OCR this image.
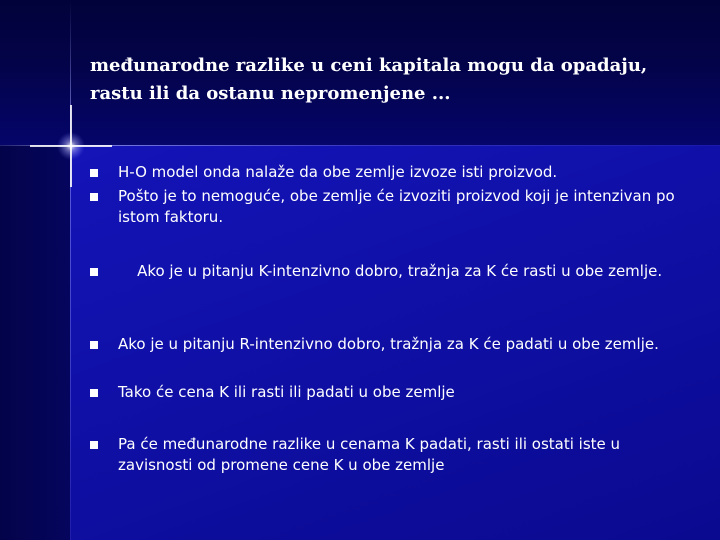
međunarodne razlike u ceni kapitala mogu da opadaju,
rastu ili da ostanu nepromenjene ...
H-O model onda nalaže da obe zemlje izvoze isti proizvod.
Pošto je to nemoguće, obe zemlje će izvoziti proizvod koji je intenzivan po istom faktoru.
	Ako je u pitanju K-intenzivno dobro, tražnja za K će rasti u obe zemlje.
Ako je u pitanju R-intenzivno dobro, tražnja za K će padati u obe zemlje.
Tako će cena K ili rasti ili padati u obe zemlje
Pa će međunarodne razlike u cenama K padati, rasti ili ostati iste u zavisnosti od promene cene K u obe zemlje
